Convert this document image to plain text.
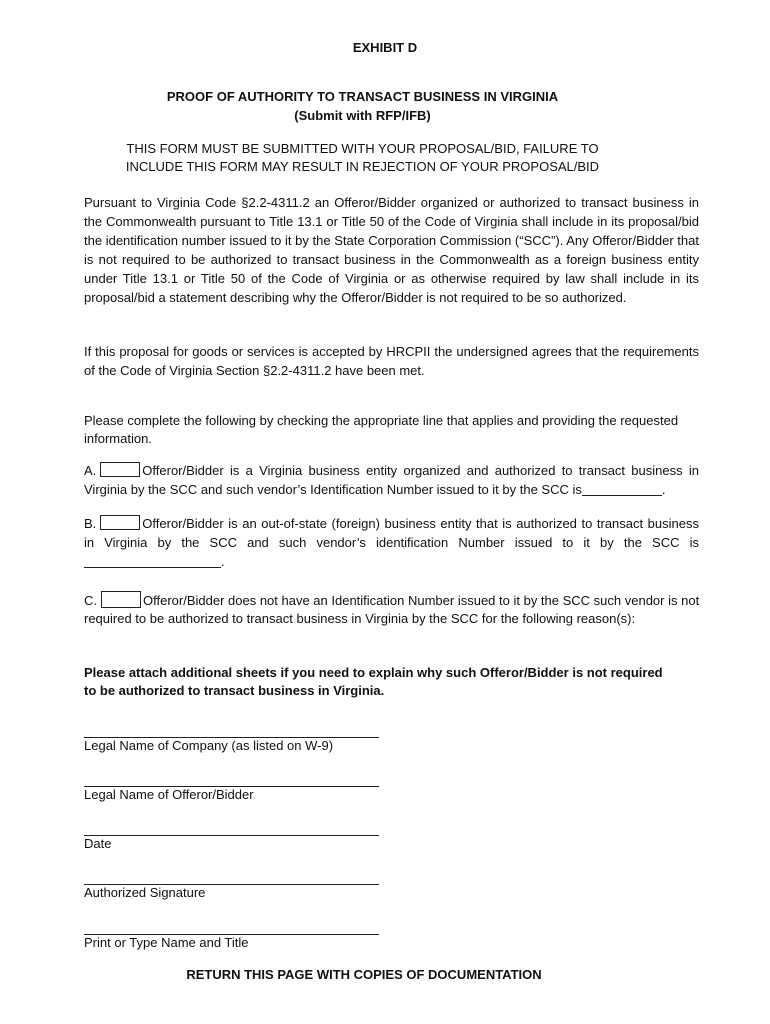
EXHIBIT D
PROOF OF AUTHORITY TO TRANSACT BUSINESS IN VIRGINIA
(Submit with RFP/IFB)
THIS FORM MUST BE SUBMITTED WITH YOUR PROPOSAL/BID, FAILURE TO
INCLUDE THIS FORM MAY RESULT IN REJECTION OF YOUR PROPOSAL/BID
Pursuant to Virginia Code §2.2-4311.2 an Offeror/Bidder organized or authorized to transact business in the Commonwealth pursuant to Title 13.1 or Title 50 of the Code of Virginia shall include in its proposal/bid the identification number issued to it by the State Corporation Commission (“SCC”). Any Offeror/Bidder that is not required to be authorized to transact business in the Commonwealth as a foreign business entity under Title 13.1 or Title 50 of the Code of Virginia or as otherwise required by law shall include in its proposal/bid a statement describing why the Offeror/Bidder is not required to be so authorized.
If this proposal for goods or services is accepted by HRCPII the undersigned agrees that the requirements of the Code of Virginia Section §2.2-4311.2 have been met.
Please complete the following by checking the appropriate line that applies and providing the requested information.
A.	Offeror/Bidder is a Virginia business entity organized and authorized to transact business in Virginia by the SCC and such vendor’s Identification Number issued to it by the SCC is	.
B.	Offeror/Bidder is an out-of-state (foreign) business entity that is authorized to transact business in Virginia by the SCC and such vendor’s identification Number issued to it by the SCC is .
C.	Offeror/Bidder does not have an Identification Number issued to it by the SCC such vendor is not required to be authorized to transact business in Virginia by the SCC for the following reason(s):
Please attach additional sheets if you need to explain why such Offeror/Bidder is not required to be authorized to transact business in Virginia.
Legal Name of Company (as listed on W-9)
Legal Name of Offeror/Bidder
Date
Authorized Signature
Print or Type Name and Title
RETURN THIS PAGE WITH COPIES OF DOCUMENTATION
